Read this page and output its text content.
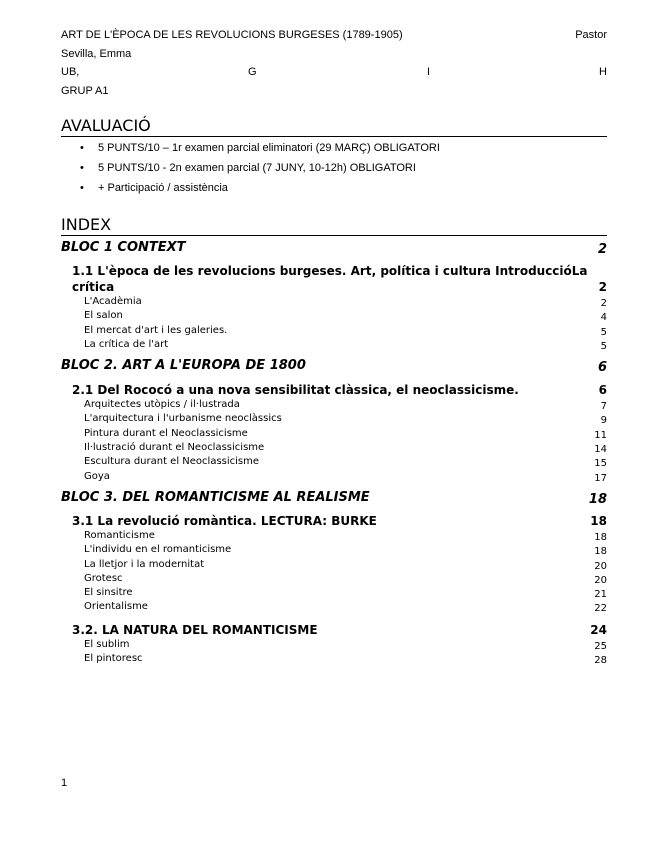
ART DE L'ÈPOCA DE LES REVOLUCIONS BURGESES (1789-1905)	Pastor
Sevilla, Emma
UB,	G	I	H
GRUP A1
AVALUACIÓ
• 5 PUNTS/10 – 1r examen parcial eliminatori (29 MARÇ) OBLIGATORI
• 5 PUNTS/10 - 2n examen parcial (7 JUNY, 10-12h) OBLIGATORI
• + Participació / assistència
INDEX
BLOC 1 CONTEXT	2
1.1 L'època de les revolucions burgeses. Art, política i cultura IntroduccióLa
crítica	2
L'Acadèmia	2
El salon	4
El mercat d'art i les galeries.	5
La crítica de l'art	5
BLOC 2. ART A L'EUROPA DE 1800	6
2.1 Del Rococó a una nova sensibilitat clàssica, el neoclassicisme.	6
Arquitectes utòpics / il·lustrada	7
L'arquitectura i l'urbanisme neoclàssics	9
Pintura durant el Neoclassicisme	11
Il·lustració durant el Neoclassicisme	14
Escultura durant el Neoclassicisme	15
Goya	17
BLOC 3. DEL ROMANTICISME AL REALISME	18
3.1 La revolució romàntica. LECTURA: BURKE	18
Romanticisme	18
L'individu en el romanticisme	18
La lletjor i la modernitat	20
Grotesc	20
El sinsitre	21
Orientalisme	22
3.2. LA NATURA DEL ROMANTICISME	24
El sublim	25
El pintoresc	28
1
